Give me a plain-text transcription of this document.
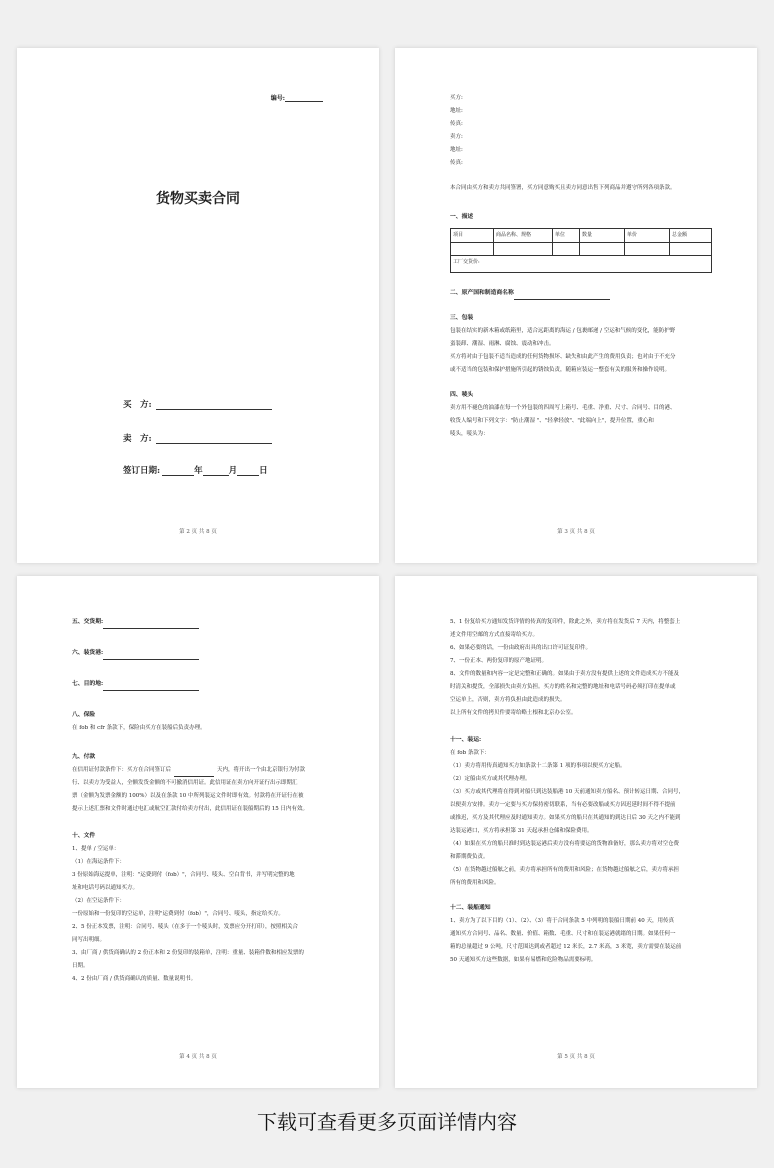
编号:
货物买卖合同
买　方:
卖　方:
签订日期:	年	月	日
第 2 页 共 8 页
买方:
地址:
传真:
卖方:
地址:
传真:
本合同由买方和卖方共同签署，买方同意购买且卖方同意出售下列商品并遵守所列各项条款。
一、描述
项目	商品名称、规格	单位	数量	单价	总金额

工厂交货价:					
二、原产国和制造商名称
三、包装
包装在结实的新木箱或纸箱里，适合远距离的海运 / 包裹邮递 / 空运和气候的变化，能防护野
蛮装卸、潮湿、雨淋、腐蚀、震动和冲击。
买方将对由于包装不适当造成的任何货物损坏、缺失和由此产生的费用负责；也对由于不充分
或不适当的包装和保护措施所引起的锈蚀负责，随箱应装运一整套有关的服务和操作说明。
四、唛头
卖方用不褪色的油漆在每一个外包装的四周写上箱号、毛重、净重、尺寸、合同号、目的港、
收货人编号和下列文字："防止潮湿 "、"轻拿轻放"、"此端向上"，提升位置，重心和
唛头，唛头为：
第 3 页 共 8 页
五、交货期:
六、装货港:
七、目的地:
八、保险
在 fob 和 cfr 条款下，保险由买方在装船后负责办理。
九、付款
在信用证付款条件下：买方在合同签订后	天内，将开出一个由北京银行为付款
行、以卖方为受益人，全额发货金额的不可撤消信用证。此信用证在卖方向开证行出示即期汇
票（金额为发票金额的 100%）以及在条款 10 中所列装运文件时即有效。付款将在开证行在被
提示上述汇票和文件时通过电汇或航空汇款付给卖方付出，此信用证在装船期后的 15 日内有效。
十、文件
1、提单 / 空运单：
（1）在海运条件下：
3 份原始海运提单，注明："运费到付（fob）"，合同号、唛头、空白背书，并写明完整的地
址和电话号码以通知买方。
（2）在空运条件下：
一份原始和一份复印的空运单，注明"运费到付（fob）"，合同号、唛头，指定给买方。
2、5 份正本发票，注明：合同号、唛头（在多于一个唛头时，发票应分开打印），按照相关合
同写出明细。
3、由厂商 / 供货商确认的 2 份正本和 2 份复印的装箱单，注明：重量、装箱件数和相应发票的
日期。
4、2 份由厂商 / 供货商确认的质量、数量说明书。
第 4 页 共 8 页
5、1 份复给买方通知发货详情的传真的复印件，除此之外，卖方将在发货后 7 天内，将整套上
述文件用空邮的方式直接寄给买方。
6、如果必要的话，一份由政府出具的出口许可证复印件。
7、一份正本、两份复印的原产地证明。
8、文件的数量和内容一定是完整和正确的。如果由于卖方没有提供上述的文件造成买方不能及
时清关和提货，全部损失由卖方负担。买方的姓名和完整的地址和电话号码必须打印在提单或
空运单上，否则，卖方将负担由此造成的损失。
以上所有文件的拷贝件要寄给略土根和北京办公室。
十一、装运:
在 fob 条款下：
（1）卖方将用传真通知买方如条款十二条第 1 项的事项以便买方定船。
（2）定船由买方或其代理办理。
（3）买方或其代理将在得到对船只到达装船港 10 天前通知卖方船名、预计转运日期、合同号，
以便卖方安排。卖方一定要与买方保持密切联系，当有必要改船或买方因迟延时间不得不提前
或推迟，买方及其代理应及时通知卖方。如果买方的船只在其通知的到达日后 30 天之内不能到
达装运港口，买方将承担第 31 天起承担仓储和保险费用。
（4）如果在买方的船只准时到达装运港后卖方没有将要运的货物准备好，那么卖方将对空仓费
和滞期费负责。
（5）在货物越过船舷之前，卖方将承担所有的费用和风险；在货物越过船舷之后，卖方将承担
所有的费用和风险。
十二、装船通知
1、卖方为了以下目的（1）、（2）、（3）将于合同条款 5 中列明的装船日期前 40 天，用传真
通知买方合同号、品名、数量、价值、箱数、毛重、尺寸和在装运港就绪的日期。如果任何一
箱的总量超过 9 公吨，尺寸范围达到或者超过 12 米长，2.7 米高，3 米宽，卖方需要在装运前
50 天通知买方这些数据，如果有易燃和危险物品需要标明。
第 5 页 共 8 页
下载可查看更多页面详情内容
